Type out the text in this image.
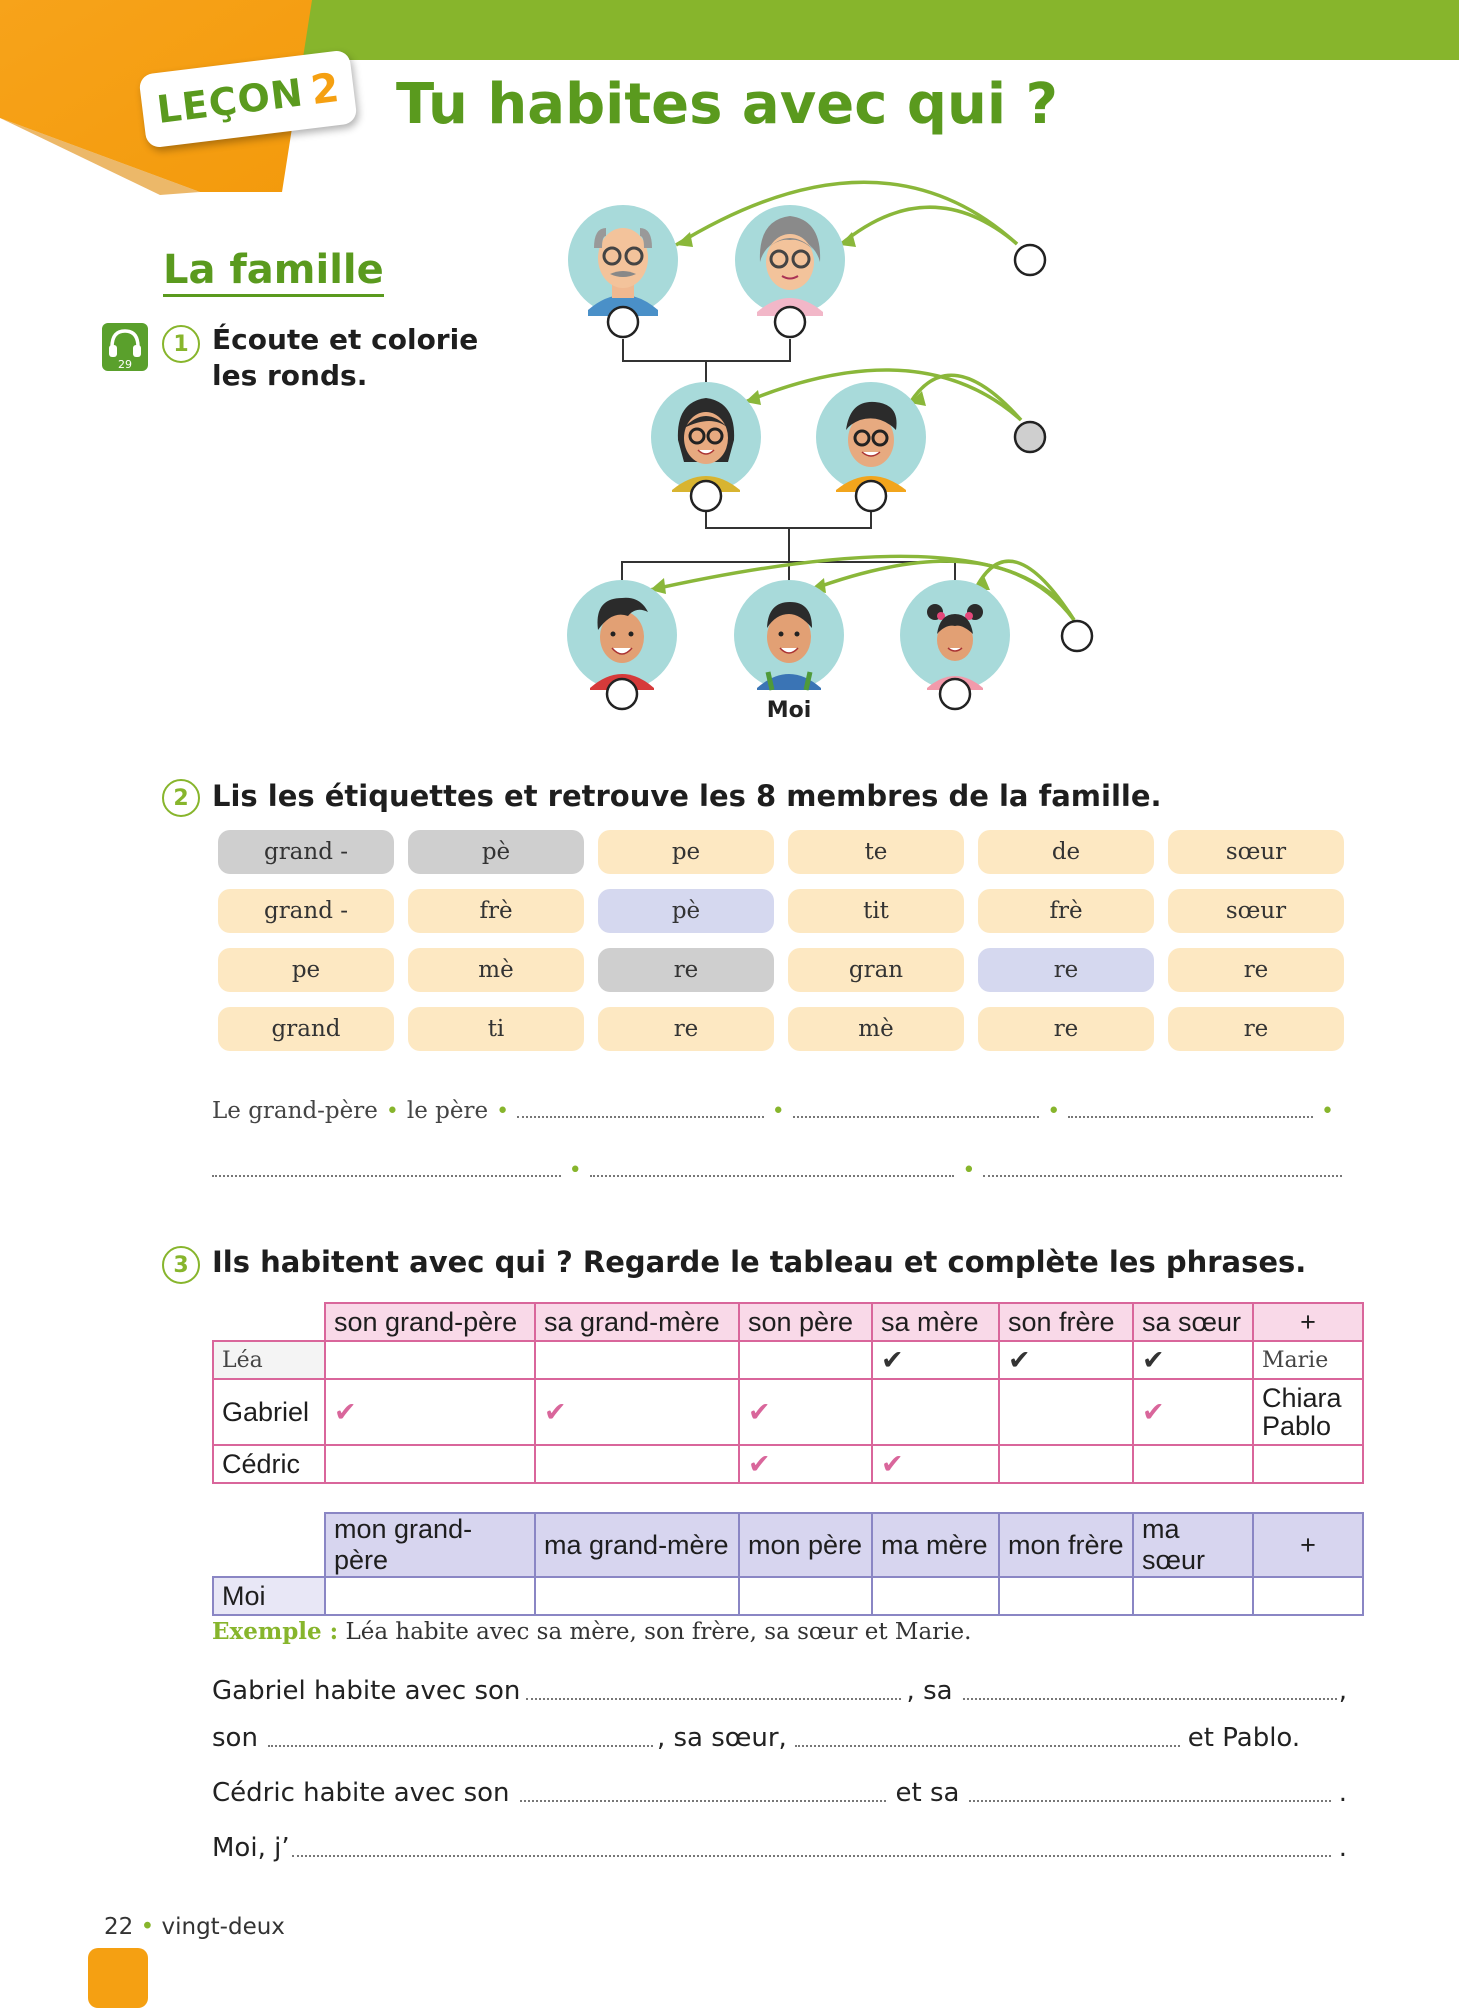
LEÇON 2 Tu habites avec qui ?
La famille
29
1 Écoute et colorie
les ronds.
Moi
2 Lis les étiquettes et retrouve les 8 membres de la famille.
grand -	pè	pe	te	de	sœur
grand -	frè	pè	tit	frè	sœur
pe	mè	re	gran	re	re
grand	ti	re	mè	re	re
Le grand-père • le père •	•	•	•
•	•
3 Ils habitent avec qui ? Regarde le tableau et complète les phrases.
	son grand-père	sa grand-mère	son père	sa mère	son frère	sa sœur	+
Léa				✔	✔	✔	Marie
Gabriel	✔	✔	✔			✔	Chiara
Pablo

Cédric			✔	✔			
	mon grand-père	ma grand-mère	mon père	ma mère	mon frère	ma sœur	+
Moi							
Exemple : Léa habite avec sa mère, son frère, sa sœur et Marie.
Gabriel habite avec son	, sa	,
son	, sa sœur,	et Pablo.
Cédric habite avec son	et sa	.
Moi, j’	.
22 • vingt-deux
